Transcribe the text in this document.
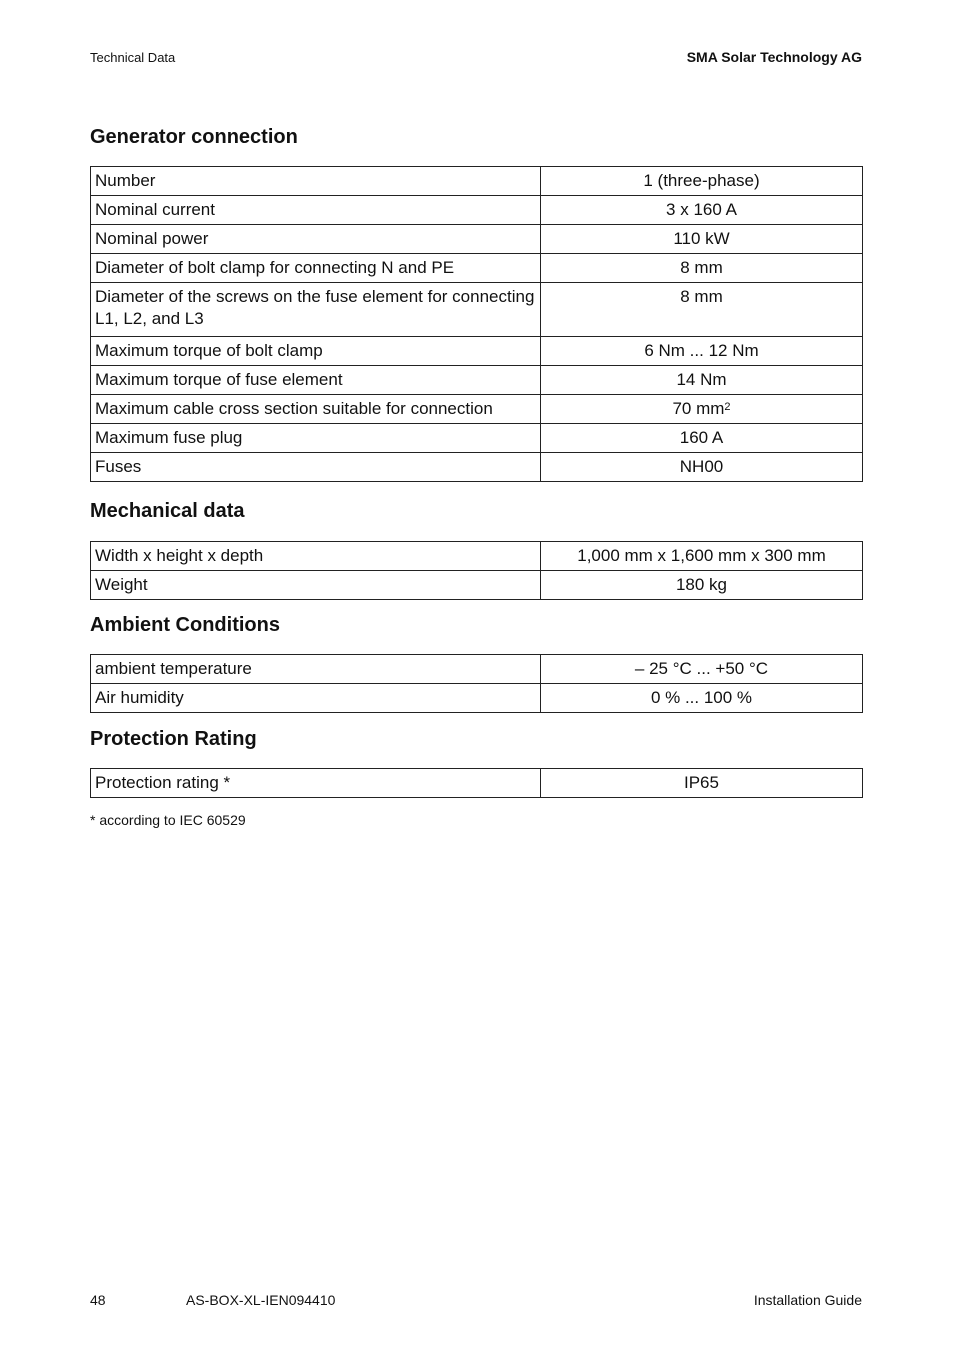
Technical Data	SMA Solar Technology AG
Generator connection
Number	1 (three-phase)
Nominal current	3 x 160 A
Nominal power	110 kW
Diameter of bolt clamp for connecting N and PE	8 mm
Diameter of the screws on the fuse element for connecting L1, L2, and L3	8 mm
Maximum torque of bolt clamp	6 Nm ... 12 Nm
Maximum torque of fuse element	14 Nm
Maximum cable cross section suitable for connection	70 $mm^2$
Maximum fuse plug	160 A
Fuses	NH00
Mechanical data
Width x height x depth	1,000 mm x 1,600 mm x 300 mm
Weight	180 kg
Ambient Conditions
ambient temperature	– 25 °C ... +50 °C
Air humidity	0 % ... 100 %
Protection Rating
Protection rating *	IP65
* according to IEC 60529
48	AS-BOX-XL-IEN094410	Installation Guide
